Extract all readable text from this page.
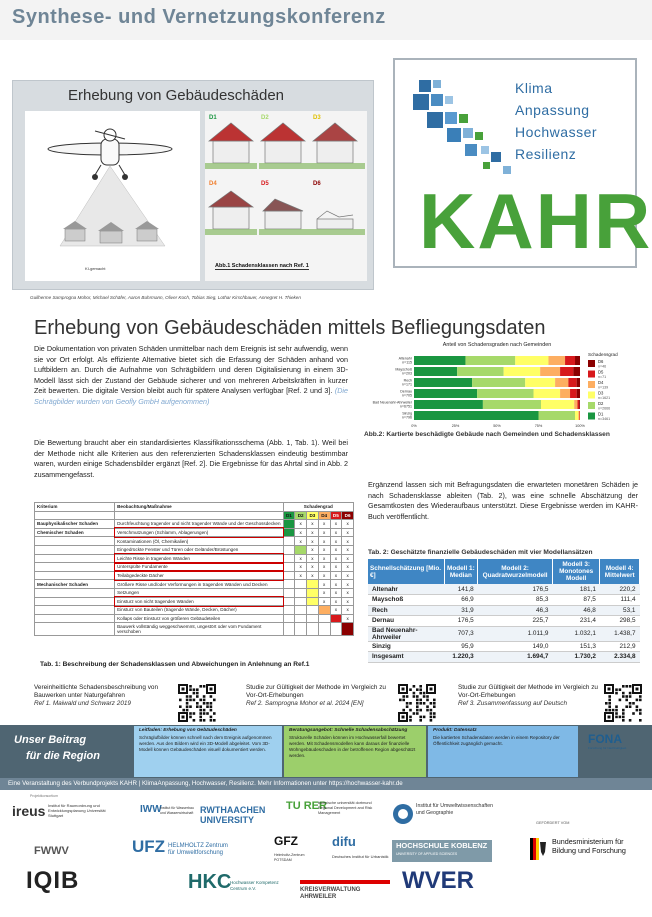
Synthese- und Vernetzungskonferenz
Erhebung von Gebäudeschäden
KI-gemacht
D1	D2	D3
D4	D5	D6
Abb.1 Schadensklassen nach Ref. 1
Guilherme Samprogna Mohor, Michael Schäfer, Aaron Buhrmann, Oliver Koch, Tobias Sieg, Lothar Kirschbauer, Annegret H. Thieken
Klima
Anpassung
Hochwasser
Resilienz
KAHR
Erhebung von Gebäudeschäden mittels Befliegungsdaten
Die Dokumentation von privaten Schäden unmittelbar nach dem Ereignis ist sehr aufwendig, wenn sie vor Ort erfolgt. Als effiziente Alternative bietet sich die Erfassung der Schäden anhand von Luftbildern an. Durch die Aufnahme von Schrägbildern und deren Digitalisierung in einem 3D-Modell lässt sich der Zustand der Gebäude sicherer und von mehreren Arbeitskräften in kurzer Zeit bewerten. Die digitale Version bleibt auch für spätere Analysen verfügbar [Ref. 2 und 3]. (Die Schrägbilder wurden von Geofly GmbH aufgenommen)
Die Bewertung braucht aber ein standardisiertes Klassifikationsschema (Abb. 1, Tab. 1). Weil bei der Methode nicht alle Kriterien aus den referenzierten Schadensklassen eindeutig bestimmbar waren, wurden einige Schadensbilder ergänzt [Ref. 2]. Die Ergebnisse für das Ahrtal sind in Abb. 2 zusammengefasst.
Anteil von Schadensgraden nach Gemeinden
Altenahr
n=115
Mayschoß
n=203
Rech
n=171
Dernau
n=705
Bad Neuenahr-Ahrweiler
n=6751
Sinzig
n=796
0%	25%	50%	75%	100%
Schadensgrad
D6
n=46
D5
n=71
D4
n=139
D3
n=1621
D2
n=2666
D1
n=3461
Abb.2: Kartierte beschädigte Gebäude nach Gemeinden und Schadensklassen
Ergänzend lassen sich mit Befragungsdaten die erwarteten monetären Schäden je nach Schadensklasse ableiten (Tab. 2), was eine schnelle Abschätzung der Gesamtkosten des Wiederaufbaus unterstützt. Diese Ergebnisse werden im KAHR-Buch veröffentlicht.
Kriterium	Beobachtung/Maßnahme	Schadengrad					
		D1	D2	D3	D4	D5	D6
Bauphysikalischer Schaden	Durchfeuchtung tragender und nicht tragender Wände und der Geschossdecken		x	x	x	x	x
Chemischer Schaden	Verschmutzungen (Schlamm, Ablagerungen)		x	x	x	x	x
	Kontaminationen (Öl, Chemikalien)		x	x	x	x	x
	Eingedrückte Fenster und Türen oder Geländer/Brüstungen			x	x	x	x
	Leichte Risse in tragenden Wänden		x	x	x	x	x
	Unterspülte Fundamente		x	x	x	x	x
	Teilabgedeckte Dächer		x	x	x	x	x
Mechanischer Schaden	Größere Risse und/oder Verformungen in tragenden Wänden und Decken				x	x	x
	Setzungen				x	x	x
	Einsturz von nicht tragenden Wänden				x	x	x
	Einsturz von Bauteilen (tragende Wände, Decken, Dächer)					x	x
	Kollaps oder Einsturz von größeren Gebäudeteilen						x
	Bauwerk vollständig weggeschwemmt, ungestört oder vom Fundament verschoben						
Tab. 1: Beschreibung der Schadensklassen und Abweichungen in Anlehnung an Ref.1
Tab. 2: Geschätzte finanzielle Gebäudeschäden mit vier Modellansätzen
Schnellschätzung [Mio. €]	Modell 1: Median	Modell 2: Quadratwurzelmodell	Modell 3: Monotones Modell	Modell 4: Mittelwert
Altenahr	141,8	176,5	181,1	220,2
Mayschoß	66,9	85,3	87,5	111,4
Rech	31,9	46,3	46,8	53,1
Dernau	176,5	225,7	231,4	298,5
Bad Neuenahr-Ahrweiler	707,3	1.011,9	1.032,1	1.438,7
Sinzig	95,9	149,0	151,3	212,9
Insgesamt	1.220,3	1.694,7	1.730,2	2.334,8
Vereinheitlichte Schadensbeschreibung von Bauwerken unter Naturgefahren
Ref 1. Maiwald und Schwarz 2019
Studie zur Gültigkeit der Methode im Vergleich zu Vor-Ort-Erhebungen
Ref 2. Samprogna Mohor et al. 2024 [EN]
Studie zur Gültigkeit der Methode im Vergleich zu Vor-Ort-Erhebungen
Ref 3. Zusammenfassung auf Deutsch
Unser Beitrag
für die Region
Leitfaden: Erhebung von Gebäudeschäden
Schräglufbilder können schnell nach dem Ereignis aufgenommen werden. Aus den Bildern wird ein 3D-Modell abgeleitet. Vom 3D-Modell können Gebäudeschäden visuell dokumentiert werden.
Beratungsangebot: Schnelle Schadensabschätzung
Strukturelle Schäden können im Hochwasserfall bewertet werden. Mit Schadensmodellen kann daraus der finanzielle Wohngebäudeschaden in der betroffenen Region abgeschätzt werden.
Produkt: Datensatz
Die kartierten Schadensdaten werden in einem Repository der Öffentlichkeit zugänglich gemacht.	FONA
Forschung für Nachhaltigkeit
Eine Veranstaltung des Verbundprojekts KAHR | KlimaAnpassung, Hochwasser, Resilienz. Mehr Informationen unter https://hochwasser-kahr.de
Projektkonsortium
ireus Institut für Raumordnung und Entwicklungsplanung Universität Stuttgart
IWW
Institut für Wasserbau und Wasserwirtschaft RWTHAACHEN UNIVERSITY
TU RER
technische universität dortmund Regional Development and Risk Management
Institut für Umweltwissenschaften und Geographie
FWWV	UFZ HELMHOLTZ Zentrum für Umweltforschung
GFZ
Helmholtz-Zentrum POTSDAM
difu
Deutsches Institut für Urbanistik
HOCHSCHULE KOBLENZ
UNIVERSITY OF APPLIED SCIENCES
GEFÖRDERT VOM
Bundesministerium für Bildung und Forschung
IQIB	HKC
Hochwasser Kompetenz Centrum e.V.	KREISVERWALTUNG AHRWEILER
WVER
